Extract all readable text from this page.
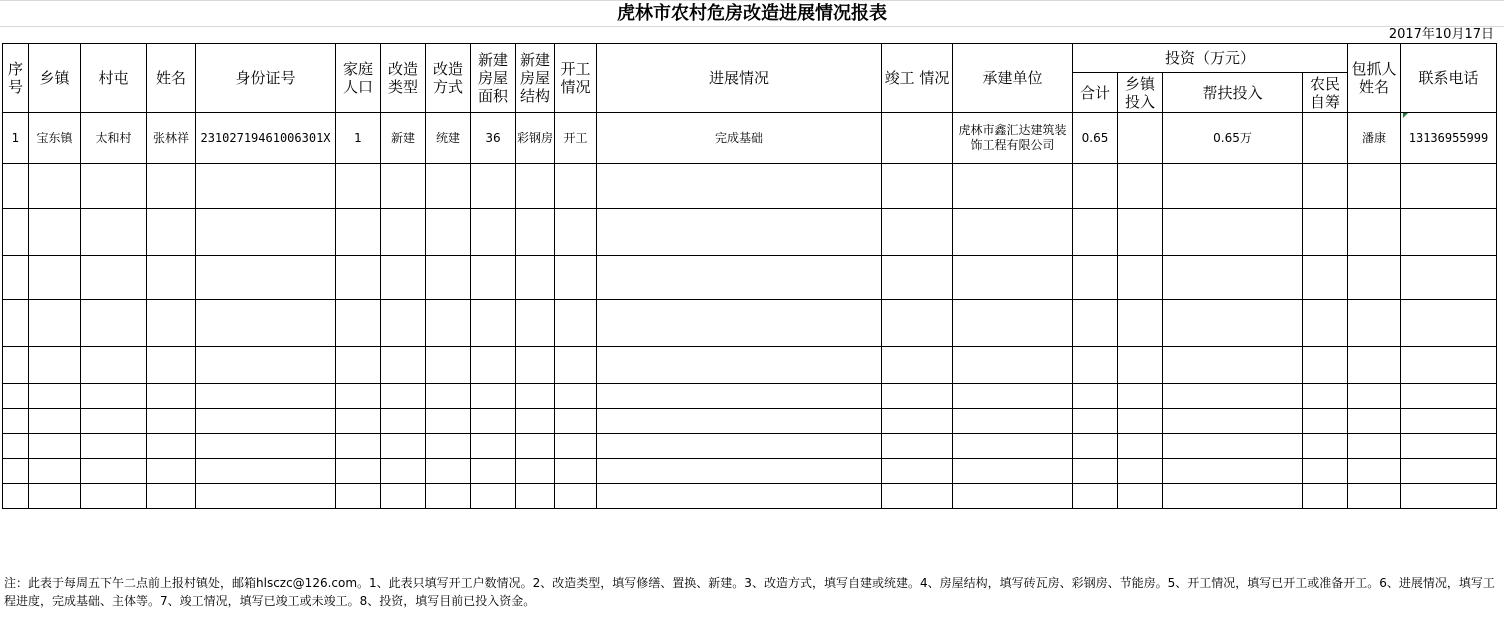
虎林市农村危房改造进展情况报表
2017年10月17日
序号	乡镇	村屯	姓名	身份证号	家庭人口	改造类型	改造方式	新建房屋面积	新建房屋结构	开工情况	进展情况	竣工 情况	承建单位	投资（万元）				包抓人姓名	联系电话
														合计	乡镇投入	帮扶投入	农民自筹		
1	宝东镇	太和村	张林祥	23102719461006301X	1	新建	统建	36	彩钢房	开工	完成基础		虎林市鑫汇达建筑装饰工程有限公司	0.65		0.65万		潘康	13136955999

注：此表于每周五下午二点前上报村镇处，邮箱hlsczc@126.com。1、此表只填写开工户数情况。2、改造类型，填写修缮、置换、新建。3、改造方式，填写自建或统建。4、房屋结构，填写砖瓦房、彩钢房、节能房。5、开工情况，填写已开工或准备开工。6、进展情况，填写工程进度，完成基础、主体等。7、竣工情况，填写已竣工或未竣工。8、投资，填写目前已投入资金。
